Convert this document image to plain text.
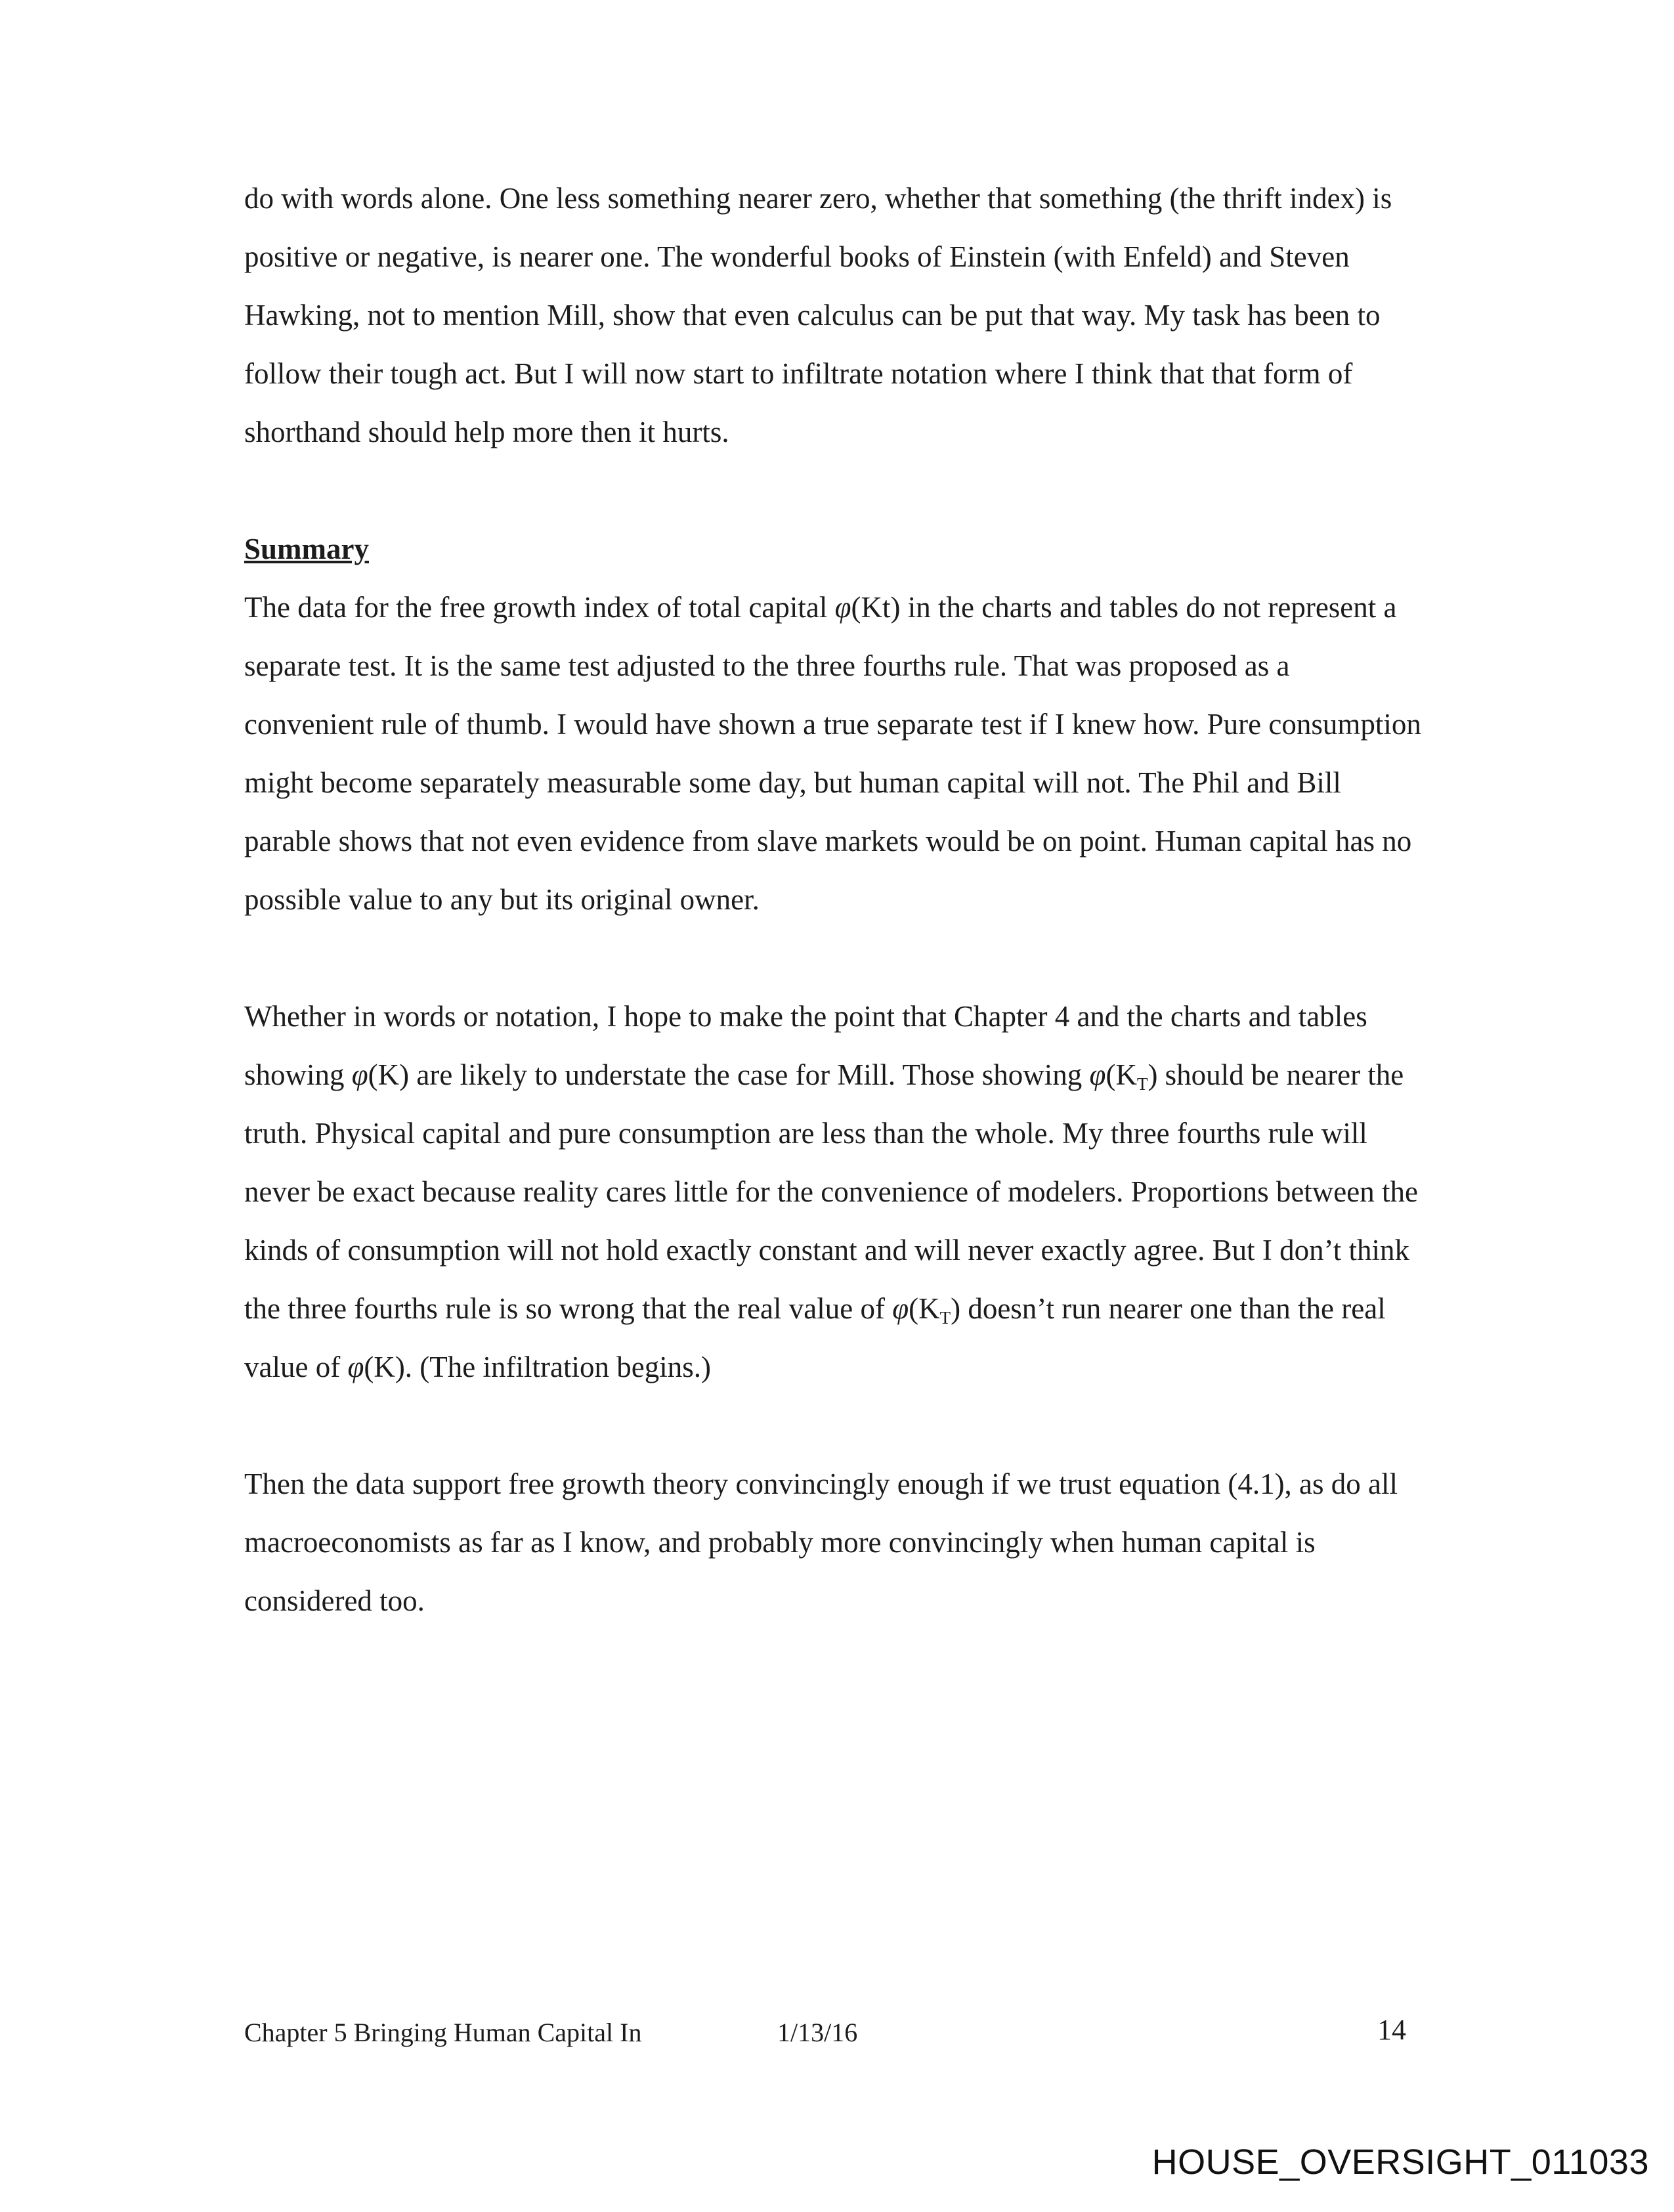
do with words alone. One less something nearer zero, whether that something (the thrift index) is positive or negative, is nearer one. The wonderful books of Einstein (with Enfeld) and Steven Hawking, not to mention Mill, show that even calculus can be put that way. My task has been to follow their tough act. But I will now start to infiltrate notation where I think that that form of shorthand should help more then it hurts.
Summary
The data for the free growth index of total capital φ(Kt) in the charts and tables do not represent a separate test. It is the same test adjusted to the three fourths rule. That was proposed as a convenient rule of thumb. I would have shown a true separate test if I knew how. Pure consumption might become separately measurable some day, but human capital will not. The Phil and Bill parable shows that not even evidence from slave markets would be on point. Human capital has no possible value to any but its original owner.
Whether in words or notation, I hope to make the point that Chapter 4 and the charts and tables showing φ(K) are likely to understate the case for Mill. Those showing φ(KT) should be nearer the truth. Physical capital and pure consumption are less than the whole. My three fourths rule will never be exact because reality cares little for the convenience of modelers. Proportions between the kinds of consumption will not hold exactly constant and will never exactly agree. But I don’t think the three fourths rule is so wrong that the real value of φ(KT) doesn’t run nearer one than the real value of φ(K). (The infiltration begins.)
Then the data support free growth theory convincingly enough if we trust equation (4.1), as do all macroeconomists as far as I know, and probably more convincingly when human capital is considered too.
Chapter 5 Bringing Human Capital In	1/13/16	14
HOUSE_OVERSIGHT_011033
